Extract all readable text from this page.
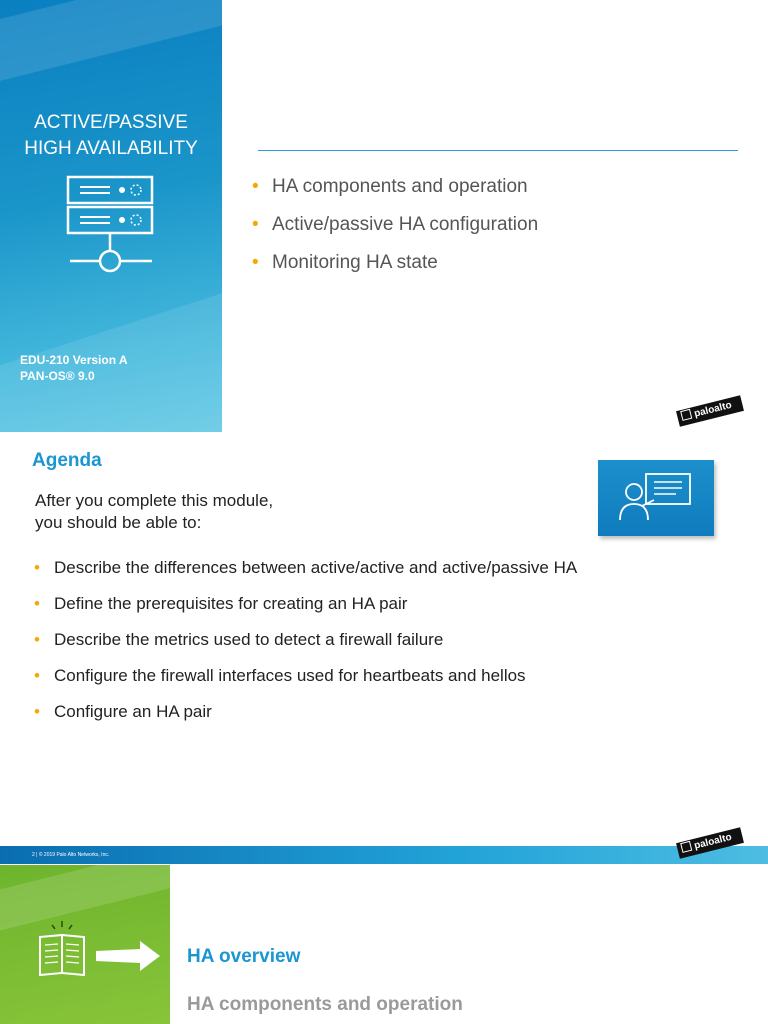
ACTIVE/PASSIVE
HIGH AVAILABILITY
EDU-210 Version A
PAN-OS® 9.0
• HA components and operation
• Active/passive HA configuration
• Monitoring HA state
paloalto
Agenda
After you complete this module,
you should be able to:
• Describe the differences between active/active and active/passive HA
• Define the prerequisites for creating an HA pair
• Describe the metrics used to detect a firewall failure
• Configure the firewall interfaces used for heartbeats and hellos
• Configure an HA pair
2 | © 2019 Palo Alto Networks, Inc.
paloalto
HA overview
HA components and operation
